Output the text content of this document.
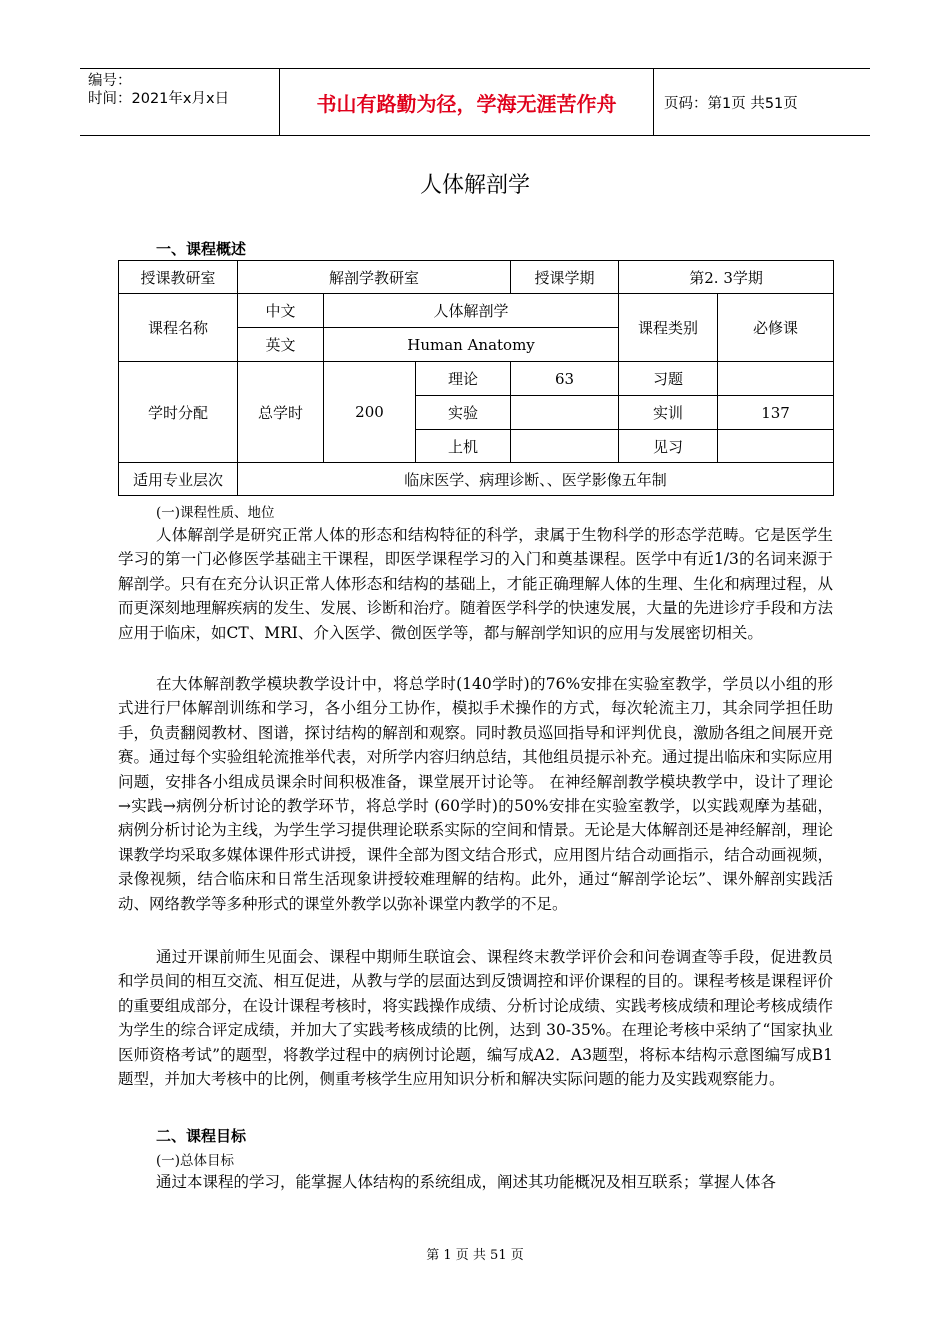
编号：
时间：2021年x月x日	书山有路勤为径，学海无涯苦作舟	页码：第1页 共51页
人体解剖学
一、课程概述
授课教研室	解剖学教研室			授课学期	第2. 3学期	
课程名称	中文	人体解剖学			课程类别	必修课
	英文	Human Anatomy				
学时分配	总学时	200	理论	63	习题	
			实验		实训	137
			上机		见习	
适用专业层次	临床医学、病理诊断、、医学影像五年制					
(一)课程性质、地位

人体解剖学是研究正常人体的形态和结构特征的科学，隶属于生物科学的形态学范畴。它是医学生学习的第一门必修医学基础主干课程，即医学课程学习的入门和奠基课程。医学中有近1/3的名词来源于解剖学。只有在充分认识正常人体形态和结构的基础上，才能正确理解人体的生理、生化和病理过程，从而更深刻地理解疾病的发生、发展、诊断和治疗。随着医学科学的快速发展，大量的先进诊疗手段和方法应用于临床，如CT、MRI、介入医学、微创医学等，都与解剖学知识的应用与发展密切相关。

在大体解剖教学模块教学设计中，将总学时(140学时)的76%安排在实验室教学，学员以小组的形式进行尸体解剖训练和学习，各小组分工协作，模拟手术操作的方式，每次轮流主刀，其余同学担任助手，负责翻阅教材、图谱，探讨结构的解剖和观察。同时教员巡回指导和评判优良，激励各组之间展开竞赛。通过每个实验组轮流推举代表，对所学内容归纳总结，其他组员提示补充。通过提出临床和实际应用问题，安排各小组成员课余时间积极准备，课堂展开讨论等。 在神经解剖教学模块教学中，设计了理论→实践→病例分析讨论的教学环节，将总学时 (60学时)的50%安排在实验室教学，以实践观摩为基础，病例分析讨论为主线，为学生学习提供理论联系实际的空间和情景。无论是大体解剖还是神经解剖，理论课教学均采取多媒体课件形式讲授，课件全部为图文结合形式，应用图片结合动画指示，结合动画视频，录像视频，结合临床和日常生活现象讲授较难理解的结构。此外，通过“解剖学论坛”、课外解剖实践活动、网络教学等多种形式的课堂外教学以弥补课堂内教学的不足。

通过开课前师生见面会、课程中期师生联谊会、课程终末教学评价会和问卷调查等手段，促进教员和学员间的相互交流、相互促进，从教与学的层面达到反馈调控和评价课程的目的。课程考核是课程评价的重要组成部分，在设计课程考核时，将实践操作成绩、分析讨论成绩、实践考核成绩和理论考核成绩作为学生的综合评定成绩，并加大了实践考核成绩的比例，达到 30-35%。在理论考核中采纳了“国家执业医师资格考试”的题型，将教学过程中的病例讨论题，编写成A2．A3题型，将标本结构示意图编写成B1题型，并加大考核中的比例，侧重考核学生应用知识分析和解决实际问题的能力及实践观察能力。

二、课程目标
(一)总体目标

通过本课程的学习，能掌握人体结构的系统组成，阐述其功能概况及相互联系；掌握人体各

第 1 页 共 51 页
